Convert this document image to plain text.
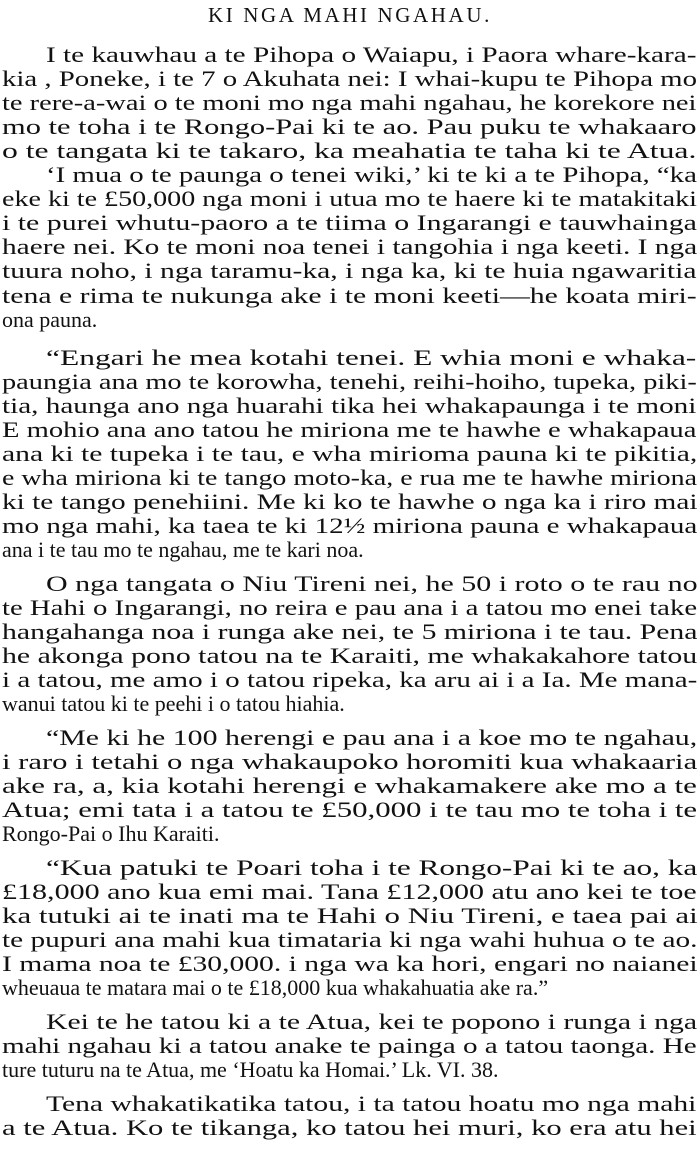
KI NGA MAHI NGAHAU.
I te kauwhau a te Pihopa o Waiapu, i Paora whare-kara-
kia , Poneke, i te 7 o Akuhata nei: I whai-kupu te Pihopa mo
te rere-a-wai o te moni mo nga mahi ngahau, he korekore nei
mo te toha i te Rongo-Pai ki te ao. Pau puku te whakaaro
o te tangata ki te takaro, ka meahatia te taha ki te Atua.
‘I mua o te paunga o tenei wiki,’ ki te ki a te Pihopa, “ka
eke ki te £50,000 nga moni i utua mo te haere ki te matakitaki
i te purei whutu-paoro a te tiima o Ingarangi e tauwhainga
haere nei. Ko te moni noa tenei i tangohia i nga keeti. I nga
tuura noho, i nga taramu-ka, i nga ka, ki te huia ngawaritia
tena e rima te nukunga ake i te moni keeti—he koata miri-
ona pauna.
“Engari he mea kotahi tenei. E whia moni e whaka-
paungia ana mo te korowha, tenehi, reihi-hoiho, tupeka, piki-
tia, haunga ano nga huarahi tika hei whakapaunga i te moni
E mohio ana ano tatou he miriona me te hawhe e whakapaua
ana ki te tupeka i te tau, e wha mirioma pauna ki te pikitia,
e wha miriona ki te tango moto-ka, e rua me te hawhe miriona
ki te tango penehiini. Me ki ko te hawhe o nga ka i riro mai
mo nga mahi, ka taea te ki 12½ miriona pauna e whakapaua
ana i te tau mo te ngahau, me te kari noa.
O nga tangata o Niu Tireni nei, he 50 i roto o te rau no
te Hahi o Ingarangi, no reira e pau ana i a tatou mo enei take
hangahanga noa i runga ake nei, te 5 miriona i te tau. Pena
he akonga pono tatou na te Karaiti, me whakakahore tatou
i a tatou, me amo i o tatou ripeka, ka aru ai i a Ia. Me mana-
wanui tatou ki te peehi i o tatou hiahia.
“Me ki he 100 herengi e pau ana i a koe mo te ngahau,
i raro i tetahi o nga whakaupoko horomiti kua whakaaria
ake ra, a, kia kotahi herengi e whakamakere ake mo a te
Atua; emi tata i a tatou te £50,000 i te tau mo te toha i te
Rongo-Pai o Ihu Karaiti.
“Kua patuki te Poari toha i te Rongo-Pai ki te ao, ka
£18,000 ano kua emi mai. Tana £12,000 atu ano kei te toe
ka tutuki ai te inati ma te Hahi o Niu Tireni, e taea pai ai
te pupuri ana mahi kua timataria ki nga wahi huhua o te ao.
I mama noa te £30,000. i nga wa ka hori, engari no naianei
wheuaua te matara mai o te £18,000 kua whakahuatia ake ra.”
Kei te he tatou ki a te Atua, kei te popono i runga i nga
mahi ngahau ki a tatou anake te painga o a tatou taonga. He
ture tuturu na te Atua, me ‘Hoatu ka Homai.’ Lk. VI. 38.
Tena whakatikatika tatou, i ta tatou hoatu mo nga mahi
a te Atua. Ko te tikanga, ko tatou hei muri, ko era atu hei
